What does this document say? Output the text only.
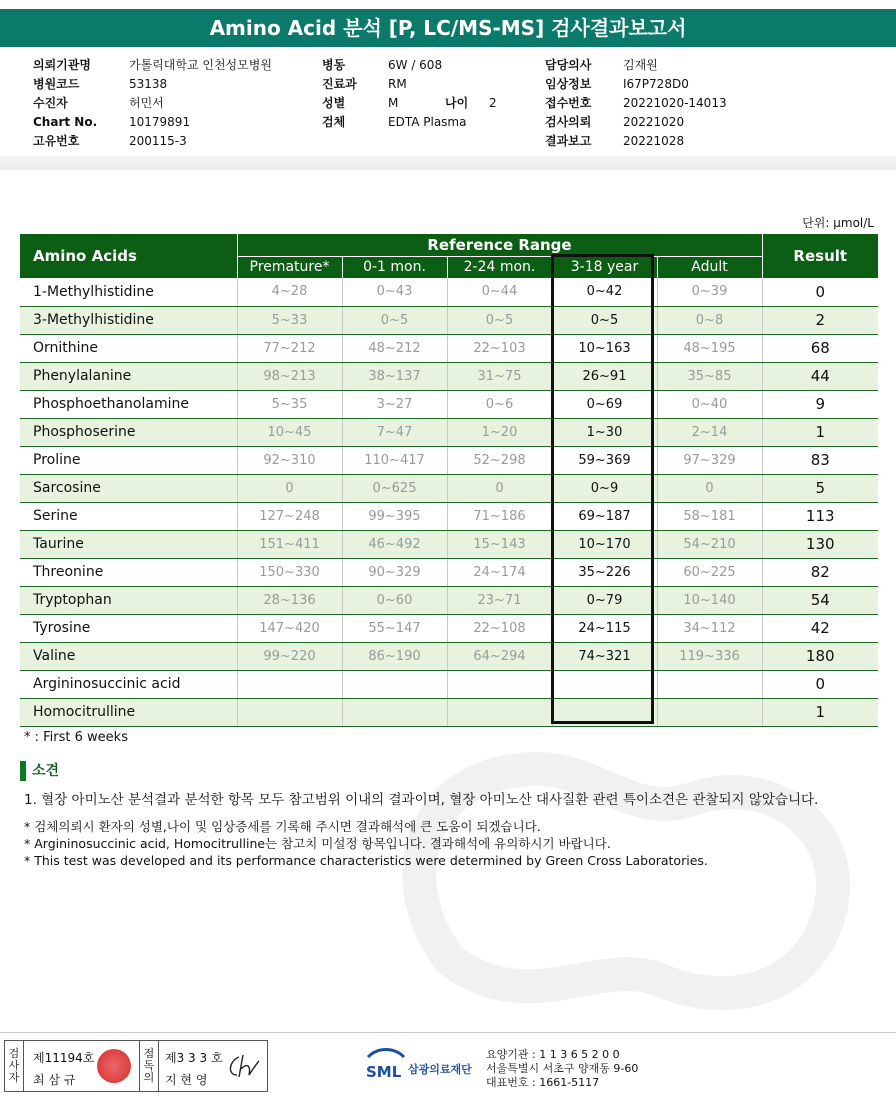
Amino Acid 분석 [P, LC/MS-MS] 검사결과보고서
의뢰기관명	가톨릭대학교 인천성모병원
병원코드	53138
수진자	허민서
Chart No.	10179891
고유번호	200115-3
병동	6W / 608
진료과	RM
성별	M	나이 2
검체	EDTA Plasma
담당의사	김재원
임상정보	I67P728D0
접수번호	20221020-14013
검사의뢰	20221020
결과보고	20221028
단위: µmol/L
Amino Acids	Reference Range					Result
	Premature*	0-1 mon.	2-24 mon.	3-18 year	Adult	
1-Methylhistidine	4~28	0~43	0~44	0~42	0~39	0
3-Methylhistidine	5~33	0~5	0~5	0~5	0~8	2
Ornithine	77~212	48~212	22~103	10~163	48~195	68
Phenylalanine	98~213	38~137	31~75	26~91	35~85	44
Phosphoethanolamine	5~35	3~27	0~6	0~69	0~40	9
Phosphoserine	10~45	7~47	1~20	1~30	2~14	1
Proline	92~310	110~417	52~298	59~369	97~329	83
Sarcosine	0	0~625	0	0~9	0	5
Serine	127~248	99~395	71~186	69~187	58~181	113
Taurine	151~411	46~492	15~143	10~170	54~210	130
Threonine	150~330	90~329	24~174	35~226	60~225	82
Tryptophan	28~136	0~60	23~71	0~79	10~140	54
Tyrosine	147~420	55~147	22~108	24~115	34~112	42
Valine	99~220	86~190	64~294	74~321	119~336	180
Argininosuccinic acid						0
Homocitrulline						1
* : First 6 weeks
소견
1. 혈장 아미노산 분석결과 분석한 항목 모두 참고범위 이내의 결과이며, 혈장 아미노산 대사질환 관련 특이소견은 관찰되지 않았습니다.
* 검체의뢰시 환자의 성별,나이 및 임상증세를 기록해 주시면 결과해석에 큰 도움이 되겠습니다.
* Argininosuccinic acid, Homocitrulline는 참고치 미설정 항목입니다. 결과해석에 유의하시기 바랍니다.
* This test was developed and its performance characteristics were determined by Green Cross Laboratories.
검사자
제11194호
최 삼 규
점독의
제3 3 3 호
지 현 영	SML 삼광의료재단
요양기관 : 1 1 3 6 5 2 0 0
서울특별시 서초구 양재동 9-60
대표번호 : 1661-5117
